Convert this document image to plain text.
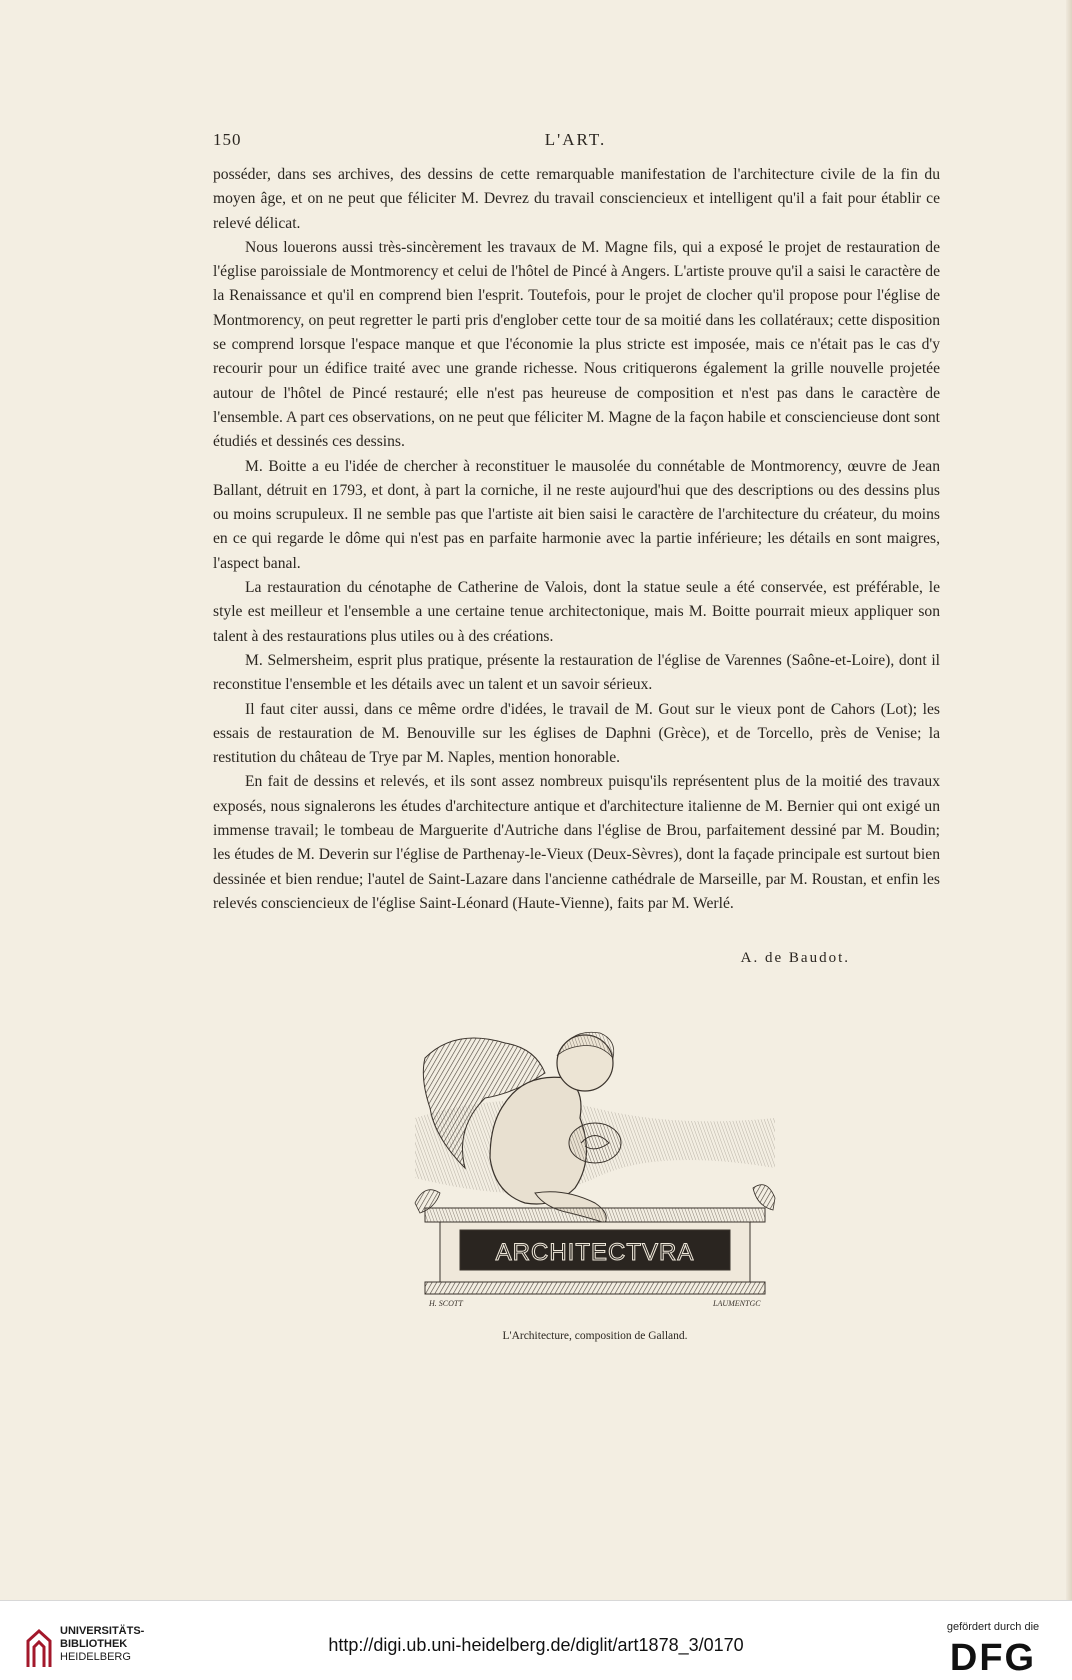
150	L'ART.

posséder, dans ses archives, des dessins de cette remarquable manifestation de l'architecture civile de la fin du moyen âge, et on ne peut que féliciter M. Devrez du travail consciencieux et intelligent qu'il a fait pour établir ce relevé délicat.

Nous louerons aussi très-sincèrement les travaux de M. Magne fils, qui a exposé le projet de restauration de l'église paroissiale de Montmorency et celui de l'hôtel de Pincé à Angers. L'artiste prouve qu'il a saisi le caractère de la Renaissance et qu'il en comprend bien l'esprit. Toutefois, pour le projet de clocher qu'il propose pour l'église de Montmorency, on peut regretter le parti pris d'englober cette tour de sa moitié dans les collatéraux; cette disposition se comprend lorsque l'espace manque et que l'économie la plus stricte est imposée, mais ce n'était pas le cas d'y recourir pour un édifice traité avec une grande richesse. Nous critiquerons également la grille nouvelle projetée autour de l'hôtel de Pincé restauré; elle n'est pas heureuse de composition et n'est pas dans le caractère de l'ensemble. A part ces observations, on ne peut que féliciter M. Magne de la façon habile et consciencieuse dont sont étudiés et dessinés ces dessins.

M. Boitte a eu l'idée de chercher à reconstituer le mausolée du connétable de Montmorency, œuvre de Jean Ballant, détruit en 1793, et dont, à part la corniche, il ne reste aujourd'hui que des descriptions ou des dessins plus ou moins scrupuleux. Il ne semble pas que l'artiste ait bien saisi le caractère de l'architecture du créateur, du moins en ce qui regarde le dôme qui n'est pas en parfaite harmonie avec la partie inférieure; les détails en sont maigres, l'aspect banal.

La restauration du cénotaphe de Catherine de Valois, dont la statue seule a été conservée, est préférable, le style est meilleur et l'ensemble a une certaine tenue architectonique, mais M. Boitte pourrait mieux appliquer son talent à des restaurations plus utiles ou à des créations.

M. Selmersheim, esprit plus pratique, présente la restauration de l'église de Varennes (Saône-et-Loire), dont il reconstitue l'ensemble et les détails avec un talent et un savoir sérieux.

Il faut citer aussi, dans ce même ordre d'idées, le travail de M. Gout sur le vieux pont de Cahors (Lot); les essais de restauration de M. Benouville sur les églises de Daphni (Grèce), et de Torcello, près de Venise; la restitution du château de Trye par M. Naples, mention honorable.

En fait de dessins et relevés, et ils sont assez nombreux puisqu'ils représentent plus de la moitié des travaux exposés, nous signalerons les études d'architecture antique et d'architecture italienne de M. Bernier qui ont exigé un immense travail; le tombeau de Marguerite d'Autriche dans l'église de Brou, parfaitement dessiné par M. Boudin; les études de M. Deverin sur l'église de Parthenay-le-Vieux (Deux-Sèvres), dont la façade principale est surtout bien dessinée et bien rendue; l'autel de Saint-Lazare dans l'ancienne cathédrale de Marseille, par M. Roustan, et enfin les relevés consciencieux de l'église Saint-Léonard (Haute-Vienne), faits par M. Werlé.

A. de Baudot.
ARCHITECTVRA
H. SCOTT	LAUMENTGC
L'Architecture, composition de Galland.
UNIVERSITÄTS-
BIBLIOTHEK
HEIDELBERG
http://digi.ub.uni-heidelberg.de/diglit/art1878_3/0170
gefördert durch die
DFG
